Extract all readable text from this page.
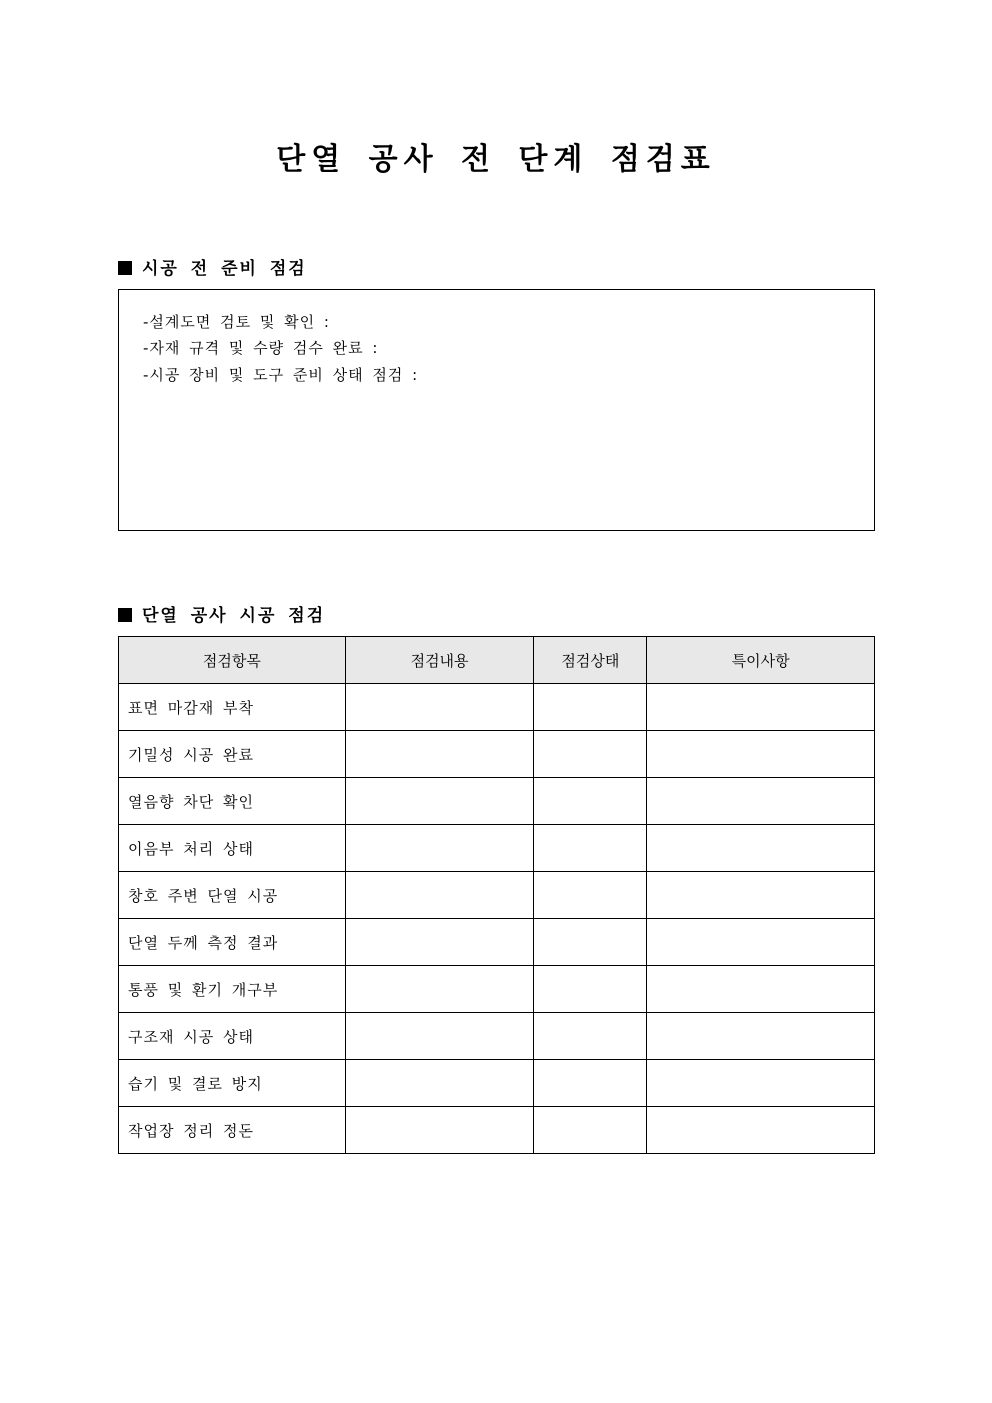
단열 공사 전 단계 점검표
시공 전 준비 점검
-설계도면 검토 및 확인 :
-자재 규격 및 수량 검수 완료 :
-시공 장비 및 도구 준비 상태 점검 :
단열 공사 시공 점검
점검항목	점검내용	점검상태	특이사항
표면 마감재 부착			
기밀성 시공 완료			
열음향 차단 확인			
이음부 처리 상태			
창호 주변 단열 시공			
단열 두께 측정 결과			
통풍 및 환기 개구부			
구조재 시공 상태			
습기 및 결로 방지			
작업장 정리 정돈			
